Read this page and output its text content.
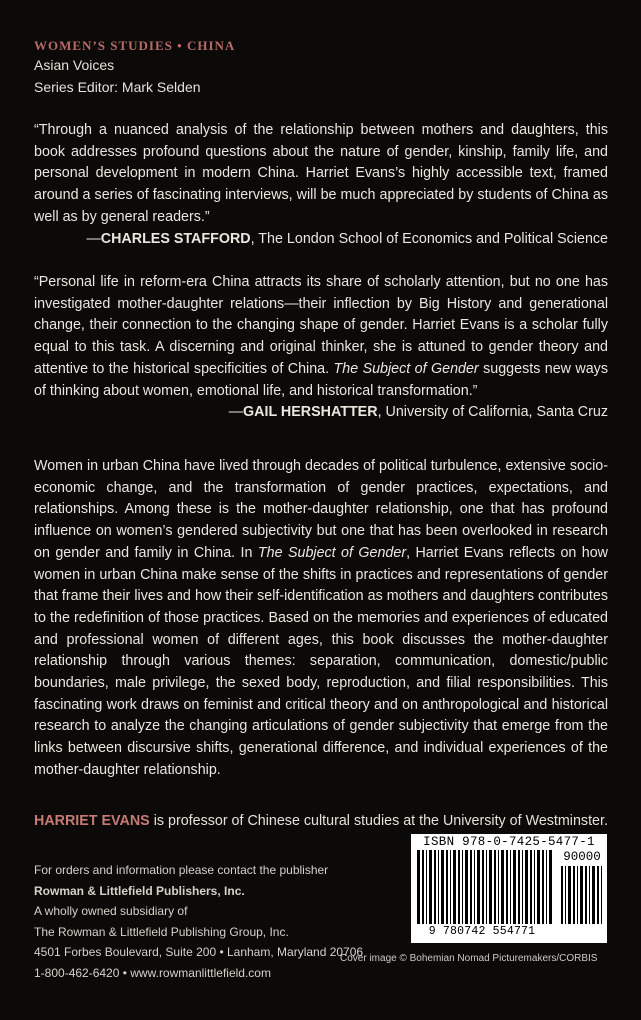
WOMEN’S STUDIES • CHINA
Asian Voices
Series Editor: Mark Selden

“Through a nuanced analysis of the relationship between mothers and daughters, this book addresses profound questions about the nature of gender, kinship, family life, and personal development in modern China. Harriet Evans’s highly accessible text, framed around a series of fascinating interviews, will be much appreciated by students of China as well as by general readers.”

—CHARLES STAFFORD, The London School of Economics and Political Science

“Personal life in reform-era China attracts its share of scholarly attention, but no one has investigated mother-daughter relations—their inflection by Big History and generational change, their connection to the changing shape of gender. Harriet Evans is a scholar fully equal to this task. A discerning and original thinker, she is attuned to gender theory and attentive to the historical specificities of China. The Subject of Gender suggests new ways of thinking about women, emotional life, and historical transformation.”

—GAIL HERSHATTER, University of California, Santa Cruz

Women in urban China have lived through decades of political turbulence, extensive socio-economic change, and the transformation of gender practices, expectations, and relationships. Among these is the mother-daughter relationship, one that has profound influence on women’s gendered subjectivity but one that has been overlooked in research on gender and family in China. In The Subject of Gender, Harriet Evans reflects on how women in urban China make sense of the shifts in practices and representations of gender that frame their lives and how their self-identification as mothers and daughters contributes to the redefinition of those practices. Based on the memories and experiences of educated and professional women of different ages, this book discusses the mother-daughter relationship through various themes: separation, communication, domestic/public boundaries, male privilege, the sexed body, reproduction, and filial responsibilities. This fascinating work draws on feminist and critical theory and on anthropological and historical research to analyze the changing articulations of gender subjectivity that emerge from the links between discursive shifts, generational difference, and individual experiences of the mother-daughter relationship.

HARRIET EVANS is professor of Chinese cultural studies at the University of Westminster.
For orders and information please contact the publisher
Rowman & Littlefield Publishers, Inc.
A wholly owned subsidiary of
The Rowman & Littlefield Publishing Group, Inc.
4501 Forbes Boulevard, Suite 200 • Lanham, Maryland 20706
1-800-462-6420 • www.rowmanlittlefield.com
ISBN 978-0-7425-5477-1
90000
9 780742 554771
Cover image © Bohemian Nomad Picturemakers/CORBIS
